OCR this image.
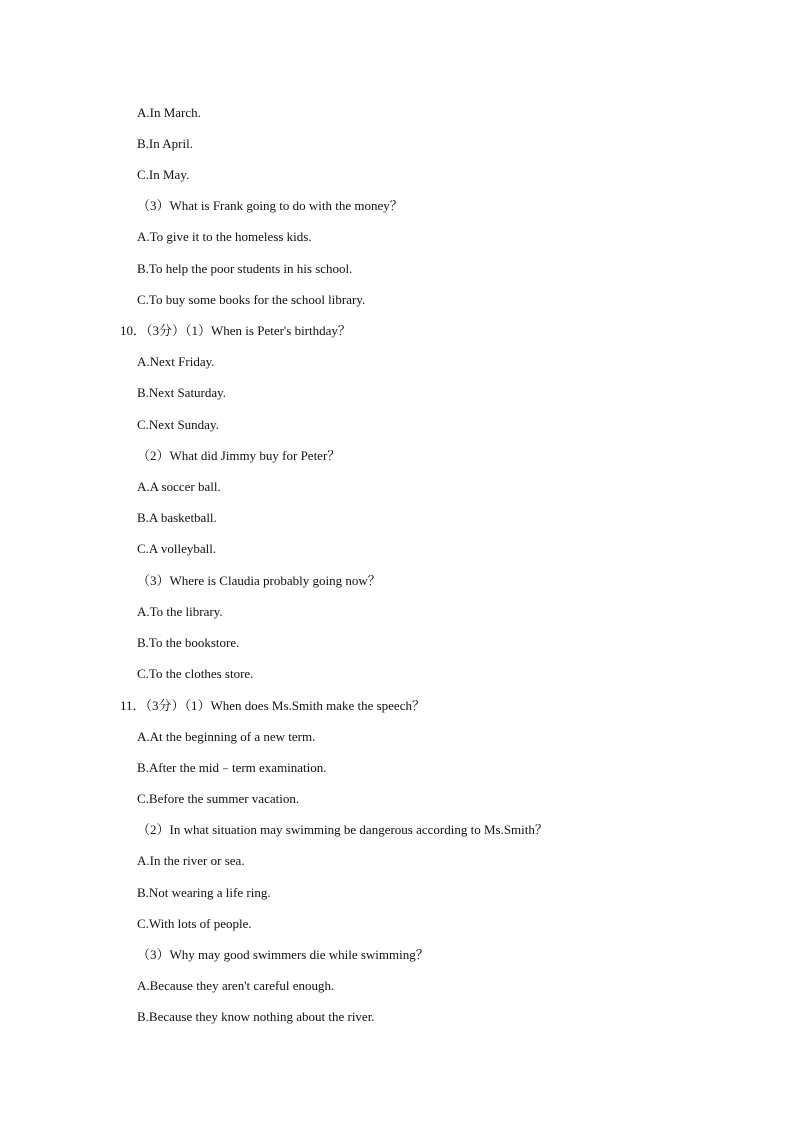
A.In March.
B.In April.
C.In May.
（3）What is Frank going to do with the money？
A.To give it to the homeless kids.
B.To help the poor students in his school.
C.To buy some books for the school library.
10．（3分）（1）When is Peter's birthday？
A.Next Friday.
B.Next Saturday.
C.Next Sunday.
（2）What did Jimmy buy for Peter？
A.A soccer ball.
B.A basketball.
C.A volleyball.
（3）Where is Claudia probably going now？
A.To the library.
B.To the bookstore.
C.To the clothes store.
11．（3分）（1）When does Ms.Smith make the speech？
A.At the beginning of a new term.
B.After the mid﹣term examination.
C.Before the summer vacation.
（2）In what situation may swimming be dangerous according to Ms.Smith？
A.In the river or sea.
B.Not wearing a life ring.
C.With lots of people.
（3）Why may good swimmers die while swimming？
A.Because they aren't careful enough.
B.Because they know nothing about the river.
